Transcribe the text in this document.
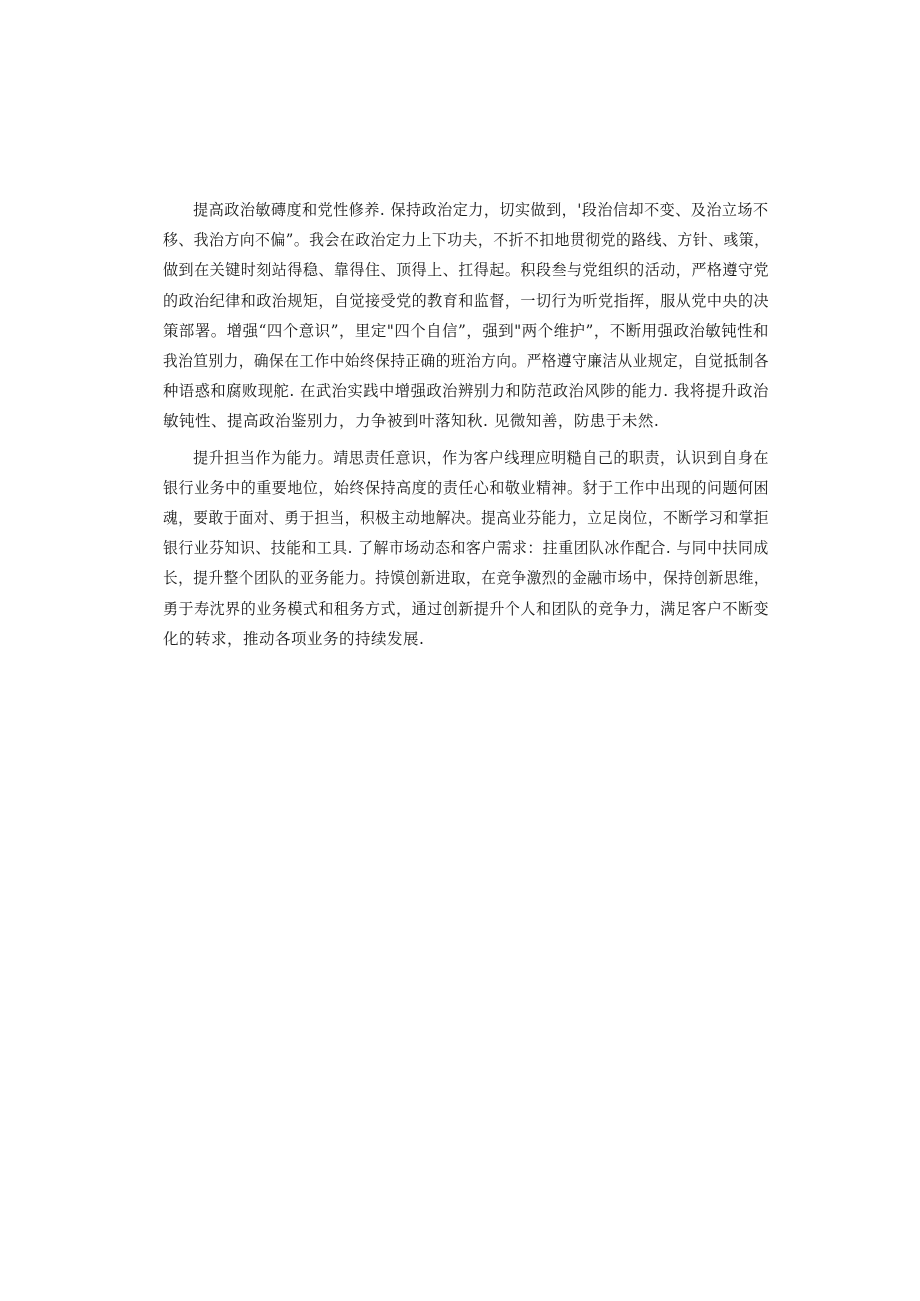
提高政治敏磚度和党性修养. 保持政治定力，切实做到，'段治信却不变、及治立场不
移、我治方向不偏”。我会在政治定力上下功夫，不折不扣地贯彻党的路线、方针、彧策，
做到在关键时刻站得稳、靠得住、顶得上、扛得起。积段叁与党组织的活动，严格遵守党
的政治纪律和政治规矩，自觉接受党的教育和监督，一切行为听党指挥，服从党中央的决
策部署。增强“四个意识”，里定"四个自信”，强到"两个维护”，不断用强政治敏钝性和
我治笪别力，确保在工作中始终保持正确的班治方向。严格遵守廉洁从业规定，自觉抵制各
种语惑和腐败现舵. 在武治实践中增强政治辨别力和防范政治风陟的能力. 我将提升政治
敏钝性、提高政治鉴别力，力争被到叶落知秋. 见微知善，防患于未然.

提升担当作为能力。靖思责任意识，作为客户线理应明糙自己的职责，认识到自身在
银行业务中的重要地位，始终保持高度的责任心和敬业精神。豺于工作中出现的问题何困
魂，要敢于面对、勇于担当，积极主动地解决。提高业芬能力，立足岗位，不断学习和掌拒
银行业芬知识、技能和工具. 了解市场动态和客户需求：拄重团队冰作配合. 与同中扶同成
长，提升整个团队的亚务能力。持馍创新进取，在竞争激烈的金融市场中，保持创新思维，
勇于寿沈界的业务模式和租务方式，通过创新提升个人和团队的竞争力，满足客户不断变
化的转求，推动各项业务的持续发展.
